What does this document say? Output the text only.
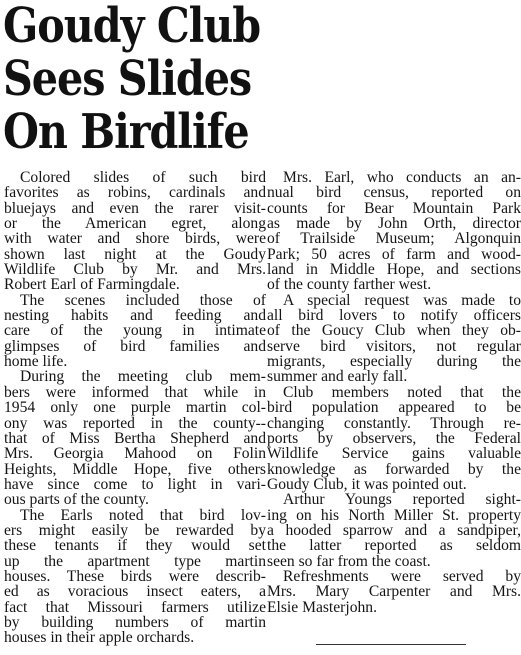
Goudy Club
Sees Slides
On Birdlife
Colored slides of such bird
favorites as robins, cardinals and
bluejays and even the rarer visit-
or the American egret, along
with water and shore birds, were
shown last night at the Goudy
Wildlife Club by Mr. and Mrs.
Robert Earl of Farmingdale.
The scenes included those of
nesting habits and feeding and
care of the young in intimate
glimpses of bird families and
home life.
During the meeting club mem-
bers were informed that while in
1954 only one purple martin col-
ony was reported in the county--
that of Miss Bertha Shepherd and
Mrs. Georgia Mahood on Folin
Heights, Middle Hope, five others
have since come to light in vari-
ous parts of the county.
The Earls noted that bird lov-
ers might easily be rewarded by
these tenants if they would set
up the apartment type martin
houses. These birds were describ-
ed as voracious insect eaters, a
fact that Missouri farmers utilize
by building numbers of martin
houses in their apple orchards.
Mrs. Earl, who conducts an an-
nual bird census, reported on
counts for Bear Mountain Park
as made by John Orth, director
of Trailside Museum; Algonquin
Park; 50 acres of farm and wood-
land in Middle Hope, and sections
of the county farther west.
A special request was made to
all bird lovers to notify officers
of the Goucy Club when they ob-
serve bird visitors, not regular
migrants, especially during the
summer and early fall.
Club members noted that the
bird population appeared to be
changing constantly. Through re-
ports by observers, the Federal
Wildlife Service gains valuable
knowledge as forwarded by the
Goudy Club, it was pointed out.
Arthur Youngs reported sight-
ing on his North Miller St. property
a hooded sparrow and a sandpiper,
the latter reported as seldom
seen so far from the coast.
Refreshments were served by
Mrs. Mary Carpenter and Mrs.
Elsie Masterjohn.
